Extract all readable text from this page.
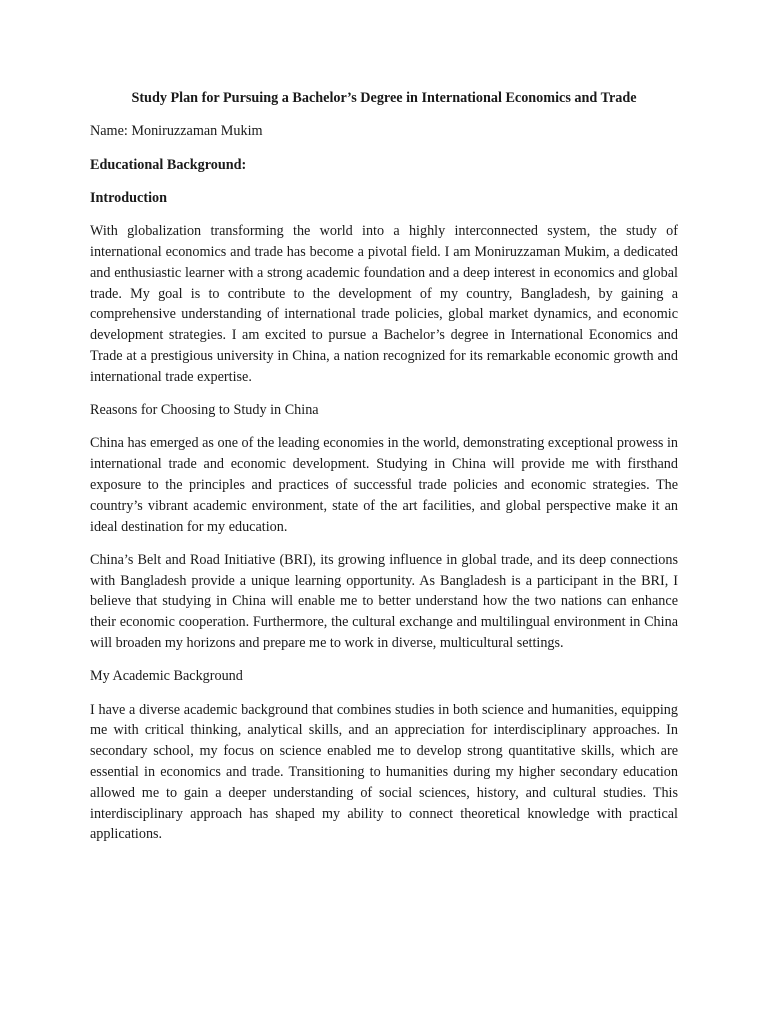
Study Plan for Pursuing a Bachelor’s Degree in International Economics and Trade

Name: Moniruzzaman Mukim

Educational Background:

Introduction

With globalization transforming the world into a highly interconnected system, the study of international economics and trade has become a pivotal field. I am Moniruzzaman Mukim, a dedicated and enthusiastic learner with a strong academic foundation and a deep interest in economics and global trade. My goal is to contribute to the development of my country, Bangladesh, by gaining a comprehensive understanding of international trade policies, global market dynamics, and economic development strategies. I am excited to pursue a Bachelor’s degree in International Economics and Trade at a prestigious university in China, a nation recognized for its remarkable economic growth and international trade expertise.

Reasons for Choosing to Study in China

China has emerged as one of the leading economies in the world, demonstrating exceptional prowess in international trade and economic development. Studying in China will provide me with firsthand exposure to the principles and practices of successful trade policies and economic strategies. The country’s vibrant academic environment, state of the art facilities, and global perspective make it an ideal destination for my education.

China’s Belt and Road Initiative (BRI), its growing influence in global trade, and its deep connections with Bangladesh provide a unique learning opportunity. As Bangladesh is a participant in the BRI, I believe that studying in China will enable me to better understand how the two nations can enhance their economic cooperation. Furthermore, the cultural exchange and multilingual environment in China will broaden my horizons and prepare me to work in diverse, multicultural settings.

My Academic Background

I have a diverse academic background that combines studies in both science and humanities, equipping me with critical thinking, analytical skills, and an appreciation for interdisciplinary approaches. In secondary school, my focus on science enabled me to develop strong quantitative skills, which are essential in economics and trade. Transitioning to humanities during my higher secondary education allowed me to gain a deeper understanding of social sciences, history, and cultural studies. This interdisciplinary approach has shaped my ability to connect theoretical knowledge with practical applications.
